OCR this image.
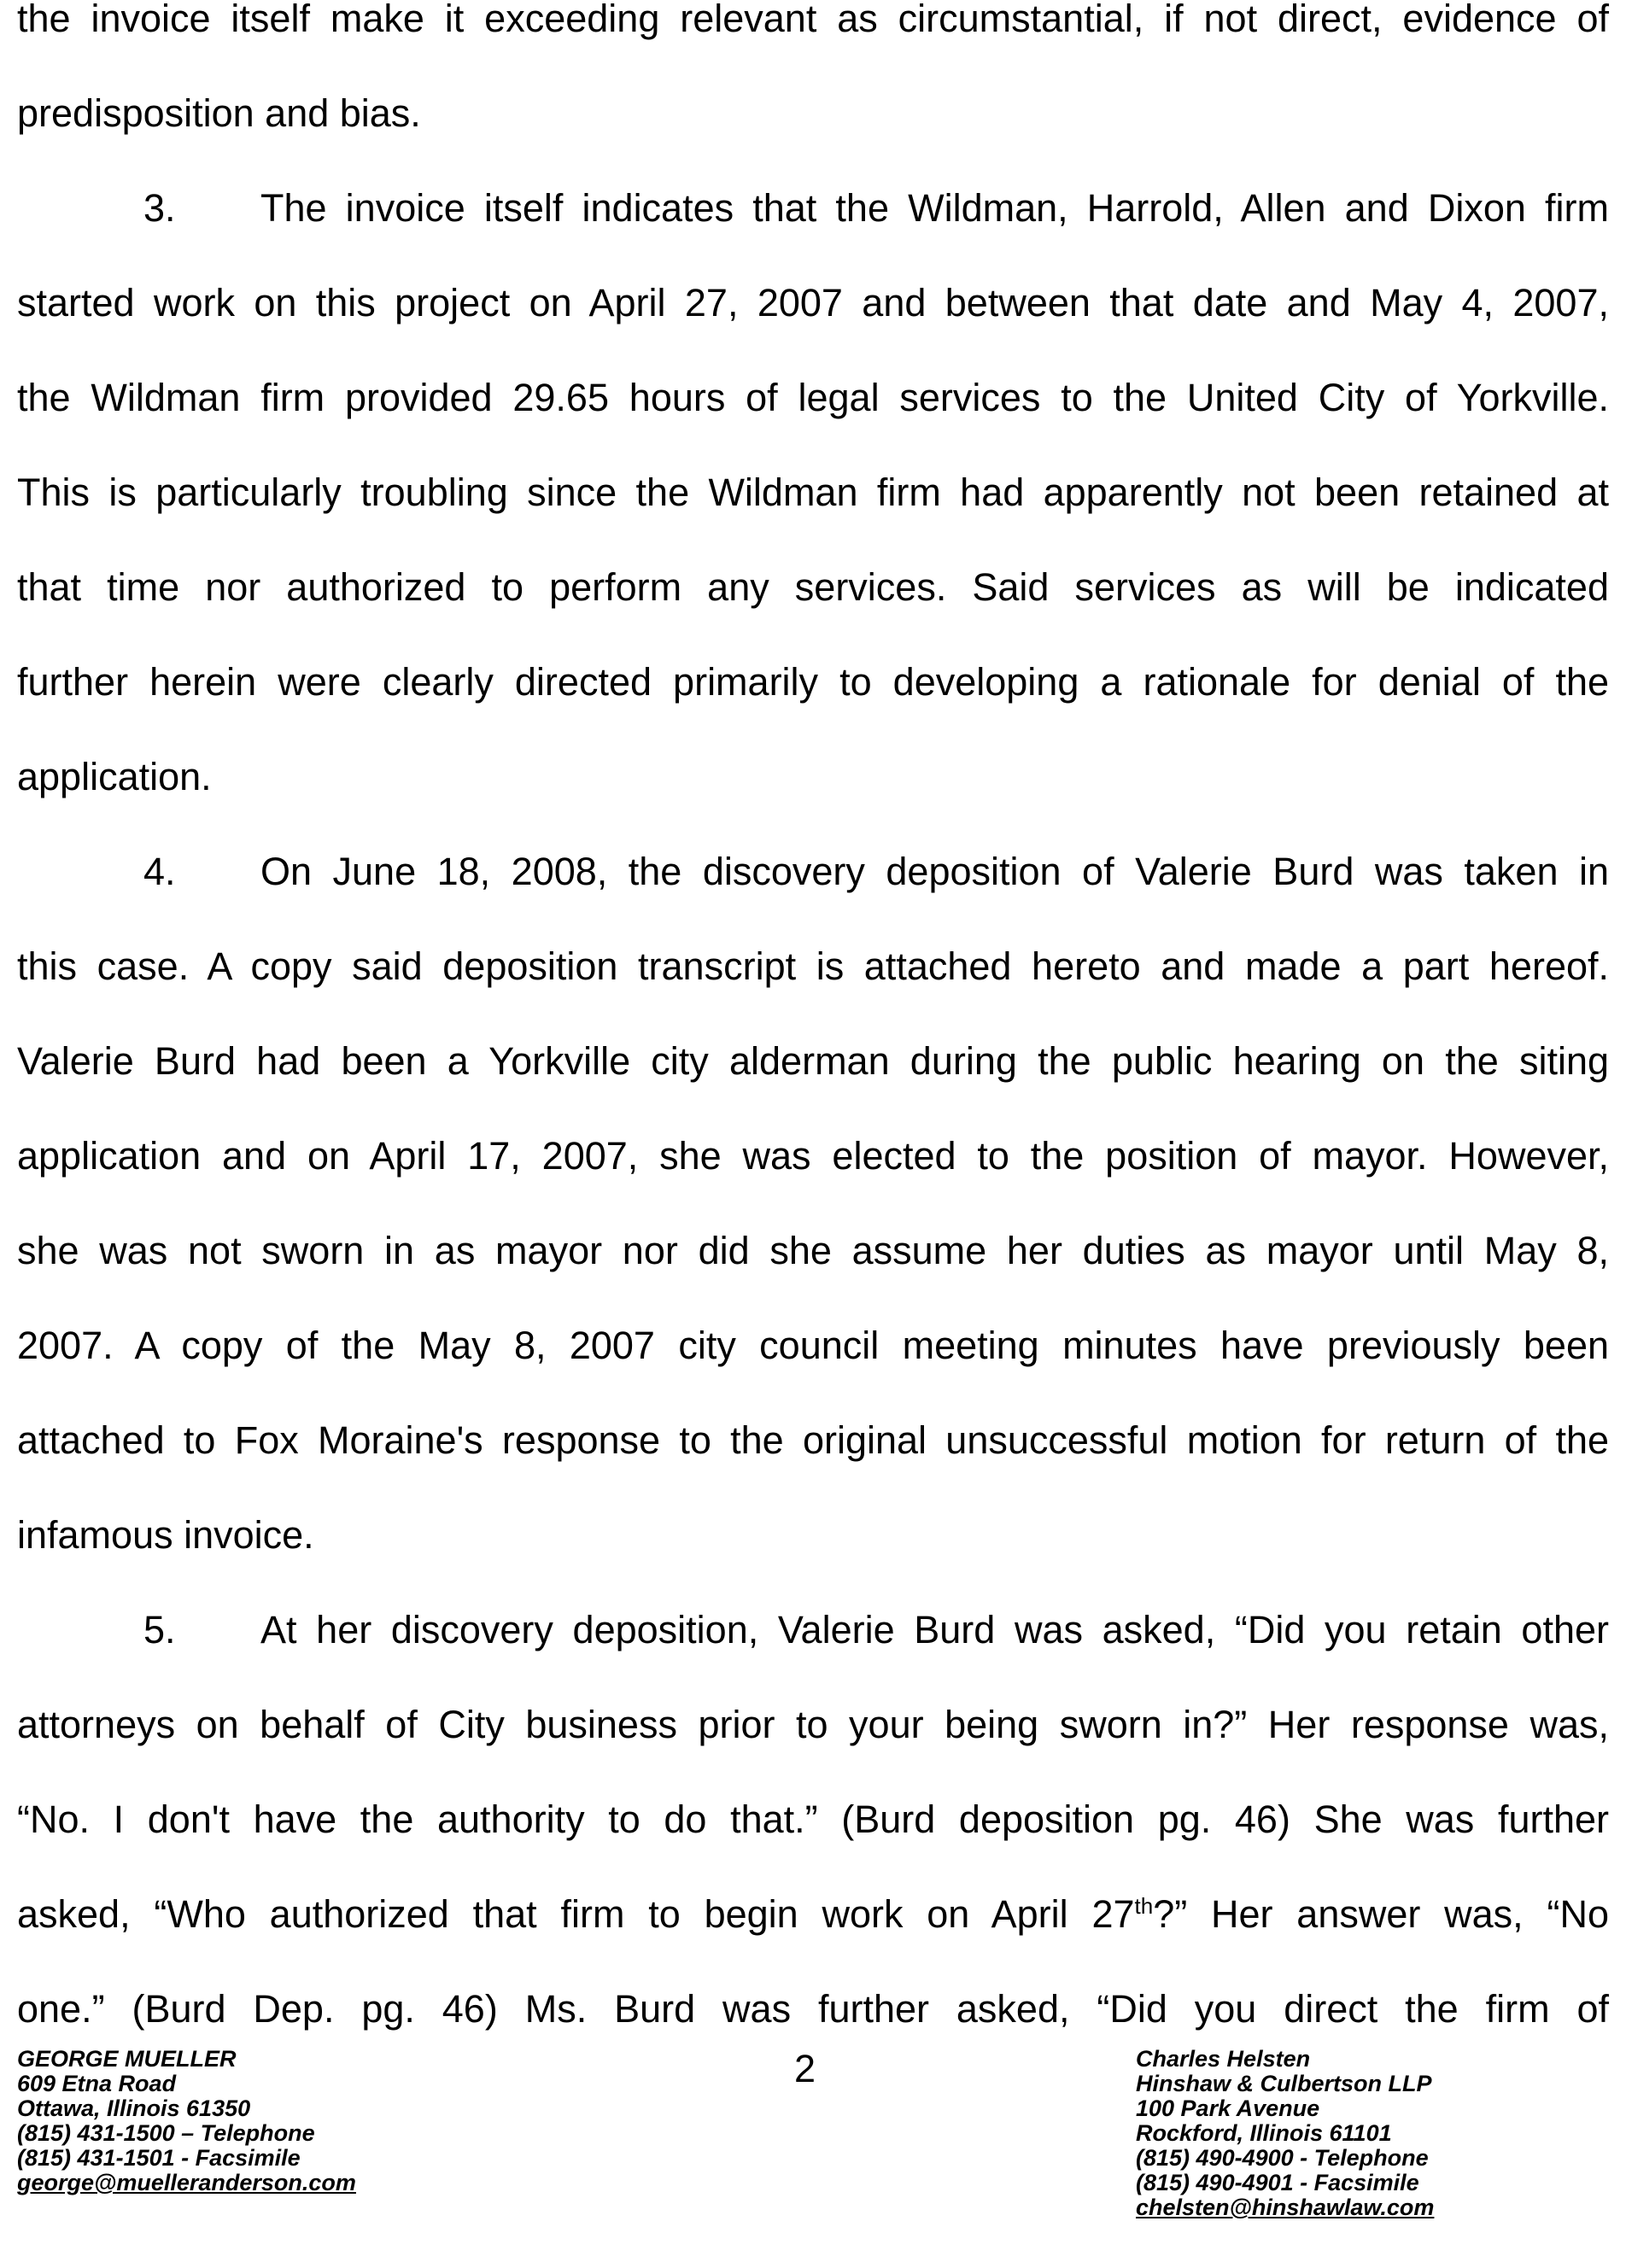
the invoice itself make it exceeding relevant as circumstantial, if not direct, evidence of
predisposition and bias.
3. The invoice itself indicates that the Wildman, Harrold, Allen and Dixon firm
started work on this project on April 27, 2007 and between that date and May 4, 2007,
the Wildman firm provided 29.65 hours of legal services to the United City of Yorkville.
This is particularly troubling since the Wildman firm had apparently not been retained at
that time nor authorized to perform any services. Said services as will be indicated
further herein were clearly directed primarily to developing a rationale for denial of the
application.
4. On June 18, 2008, the discovery deposition of Valerie Burd was taken in
this case. A copy said deposition transcript is attached hereto and made a part hereof.
Valerie Burd had been a Yorkville city alderman during the public hearing on the siting
application and on April 17, 2007, she was elected to the position of mayor. However,
she was not sworn in as mayor nor did she assume her duties as mayor until May 8,
2007. A copy of the May 8, 2007 city council meeting minutes have previously been
attached to Fox Moraine's response to the original unsuccessful motion for return of the
infamous invoice.
5. At her discovery deposition, Valerie Burd was asked, “Did you retain other
attorneys on behalf of City business prior to your being sworn in?” Her response was,
“No. I don't have the authority to do that.” (Burd deposition pg. 46) She was further
asked, “Who authorized that firm to begin work on April 27th?” Her answer was, “No
one.” (Burd Dep. pg. 46) Ms. Burd was further asked, “Did you direct the firm of
2
GEORGE MUELLER
609 Etna Road
Ottawa, Illinois 61350
(815) 431-1500 – Telephone
(815) 431-1501 - Facsimile
george@muelleranderson.com
Charles Helsten
Hinshaw & Culbertson LLP
100 Park Avenue
Rockford, Illinois 61101
(815) 490-4900 - Telephone
(815) 490-4901 - Facsimile
chelsten@hinshawlaw.com
